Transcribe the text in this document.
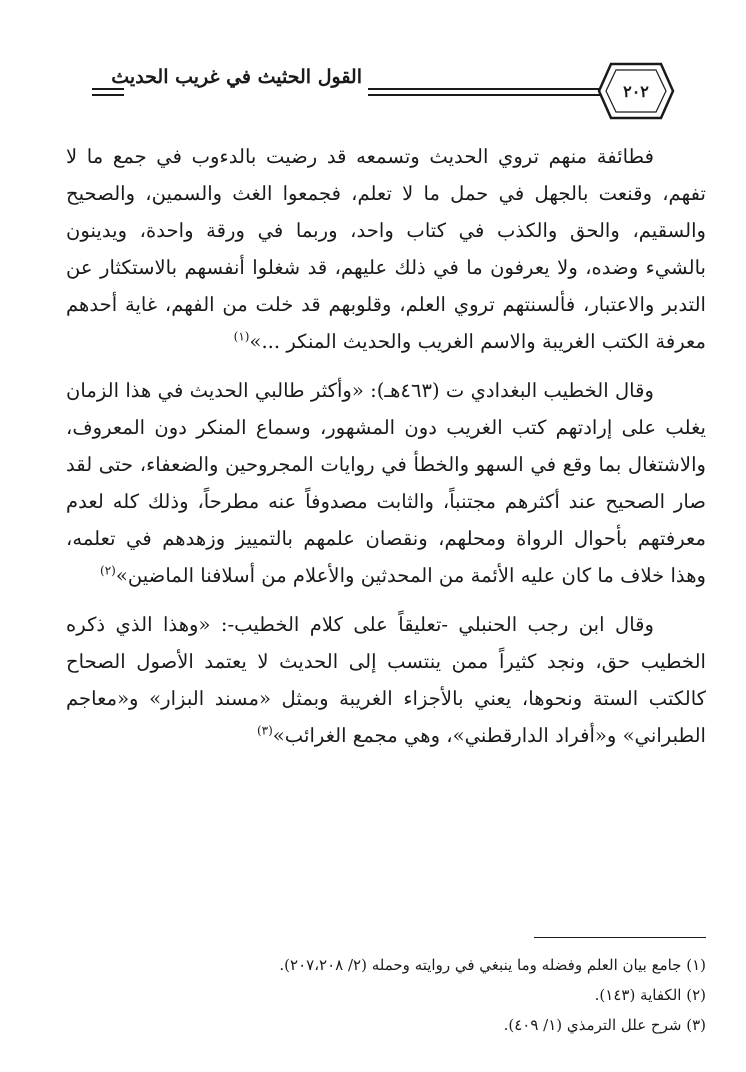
القول الحثيث في غريب الحديث
٢٠٢

فطائفة منهم تروي الحديث وتسمعه قد رضيت بالدءوب في جمع ما لا تفهم، وقنعت بالجهل في حمل ما لا تعلم، فجمعوا الغث والسمين، والصحيح والسقيم، والحق والكذب في كتاب واحد، وربما في ورقة واحدة، ويدينون بالشيء وضده، ولا يعرفون ما في ذلك عليهم، قد شغلوا أنفسهم بالاستكثار عن التدبر والاعتبار، فألسنتهم تروي العلم، وقلوبهم قد خلت من الفهم، غاية أحدهم معرفة الكتب الغريبة والاسم الغريب والحديث المنكر ...»$^{(١)}$

وقال الخطيب البغدادي ت (٤٦٣هـ): «وأكثر طالبي الحديث في هذا الزمان يغلب على إرادتهم كتب الغريب دون المشهور، وسماع المنكر دون المعروف، والاشتغال بما وقع في السهو والخطأ في روايات المجروحين والضعفاء، حتى لقد صار الصحيح عند أكثرهم مجتنباً، والثابت مصدوفاً عنه مطرحاً، وذلك كله لعدم معرفتهم بأحوال الرواة ومحلهم، ونقصان علمهم بالتمييز وزهدهم في تعلمه، وهذا خلاف ما كان عليه الأئمة من المحدثين والأعلام من أسلافنا الماضين»$^{(٢)}$

وقال ابن رجب الحنبلي -تعليقاً على كلام الخطيب-: «وهذا الذي ذكره الخطيب حق، ونجد كثيراً ممن ينتسب إلى الحديث لا يعتمد الأصول الصحاح كالكتب الستة ونحوها، يعني بالأجزاء الغريبة وبمثل «مسند البزار» و«معاجم الطبراني» و«أفراد الدارقطني»، وهي مجمع الغرائب»$^{(٣)}$

(١) جامع بيان العلم وفضله وما ينبغي في روايته وحمله (٢/ ٢٠٧،٢٠٨).
(٢) الكفاية (١٤٣).
(٣) شرح علل الترمذي (١/ ٤٠٩).
